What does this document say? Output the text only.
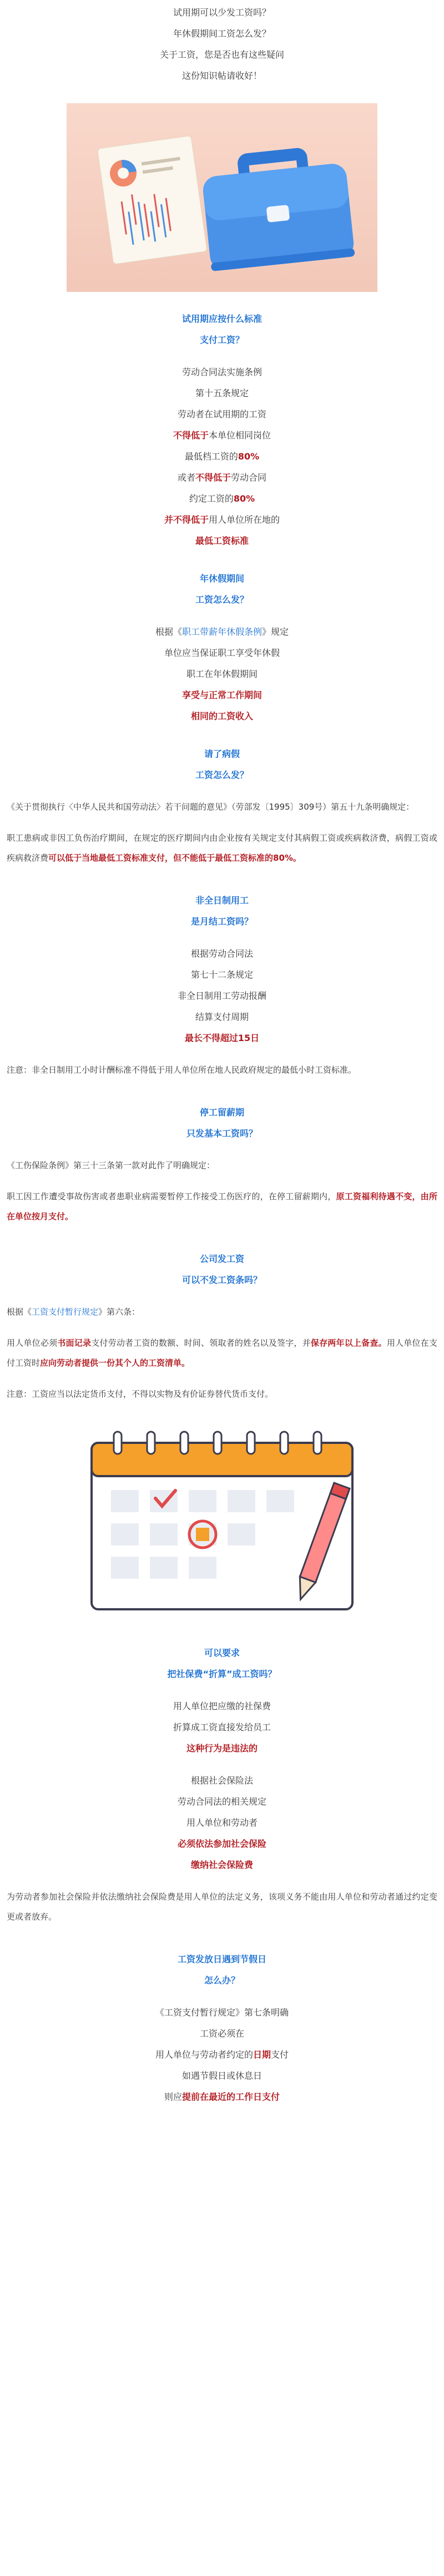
试用期可以少发工资吗？
年休假期间工资怎么发？
关于工资，您是否也有这些疑问
这份知识帖请收好！
试用期应按什么标准
支付工资？
劳动合同法实施条例
第十五条规定
劳动者在试用期的工资
不得低于本单位相同岗位
最低档工资的80%
或者不得低于劳动合同
约定工资的80%
并不得低于用人单位所在地的
最低工资标准
年休假期间
工资怎么发？
根据《职工带薪年休假条例》规定
单位应当保证职工享受年休假
职工在年休假期间
享受与正常工作期间
相同的工资收入
请了病假
工资怎么发？
《关于贯彻执行〈中华人民共和国劳动法〉若干问题的意见》（劳部发〔1995〕309号）第五十九条明确规定：
职工患病或非因工负伤治疗期间，在规定的医疗期间内由企业按有关规定支付其病假工资或疾病救济费，病假工资或疾病救济费可以低于当地最低工资标准支付，但不能低于最低工资标准的80%。
非全日制用工
是月结工资吗？
根据劳动合同法
第七十二条规定
非全日制用工劳动报酬
结算支付周期
最长不得超过15日
注意：非全日制用工小时计酬标准不得低于用人单位所在地人民政府规定的最低小时工资标准。
停工留薪期
只发基本工资吗？
《工伤保险条例》第三十三条第一款对此作了明确规定：
职工因工作遭受事故伤害或者患职业病需要暂停工作接受工伤医疗的，在停工留薪期内，原工资福利待遇不变，由所在单位按月支付。
公司发工资
可以不发工资条吗？
根据《工资支付暂行规定》第六条：
用人单位必须书面记录支付劳动者工资的数额、时间、领取者的姓名以及签字，并保存两年以上备查。用人单位在支付工资时应向劳动者提供一份其个人的工资清单。
注意：工资应当以法定货币支付，不得以实物及有价证券替代货币支付。
可以要求
把社保费“折算”成工资吗？
用人单位把应缴的社保费
折算成工资直接发给员工
这种行为是违法的
根据社会保险法
劳动合同法的相关规定
用人单位和劳动者
必须依法参加社会保险
缴纳社会保险费
为劳动者参加社会保险并依法缴纳社会保险费是用人单位的法定义务，该项义务不能由用人单位和劳动者通过约定变更或者放弃。
工资发放日遇到节假日
怎么办？
《工资支付暂行规定》第七条明确
工资必须在
用人单位与劳动者约定的日期支付
如遇节假日或休息日
则应提前在最近的工作日支付
